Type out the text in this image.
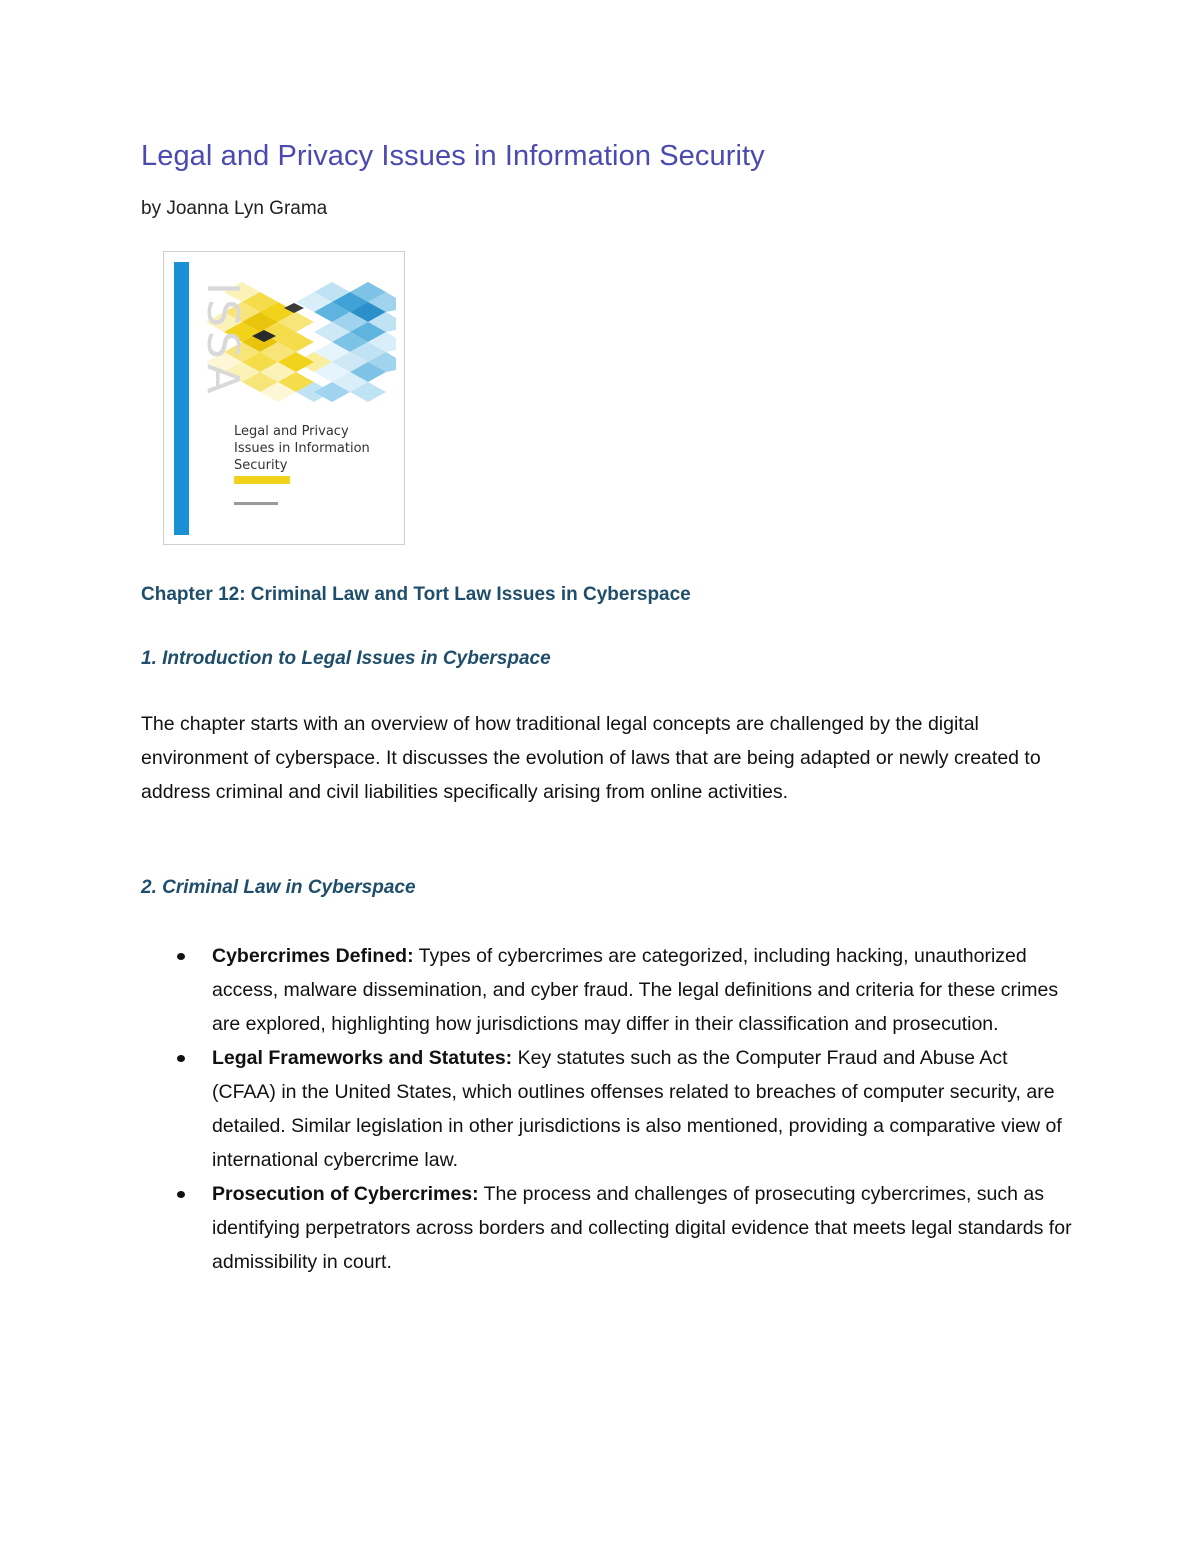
Legal and Privacy Issues in Information Security

by Joanna Lyn Grama

ISSA
Legal and Privacy
Issues in Information
Security
Chapter 12: Criminal Law and Tort Law Issues in Cyberspace
1. Introduction to Legal Issues in Cyberspace

The chapter starts with an overview of how traditional legal concepts are challenged by the digital environment of cyberspace. It discusses the evolution of laws that are being adapted or newly created to address criminal and civil liabilities specifically arising from online activities.

2. Criminal Law in Cyberspace
Cybercrimes Defined: Types of cybercrimes are categorized, including hacking, unauthorized access, malware dissemination, and cyber fraud. The legal definitions and criteria for these crimes are explored, highlighting how jurisdictions may differ in their classification and prosecution.
Legal Frameworks and Statutes: Key statutes such as the Computer Fraud and Abuse Act (CFAA) in the United States, which outlines offenses related to breaches of computer security, are detailed. Similar legislation in other jurisdictions is also mentioned, providing a comparative view of international cybercrime law.
Prosecution of Cybercrimes: The process and challenges of prosecuting cybercrimes, such as identifying perpetrators across borders and collecting digital evidence that meets legal standards for admissibility in court.
